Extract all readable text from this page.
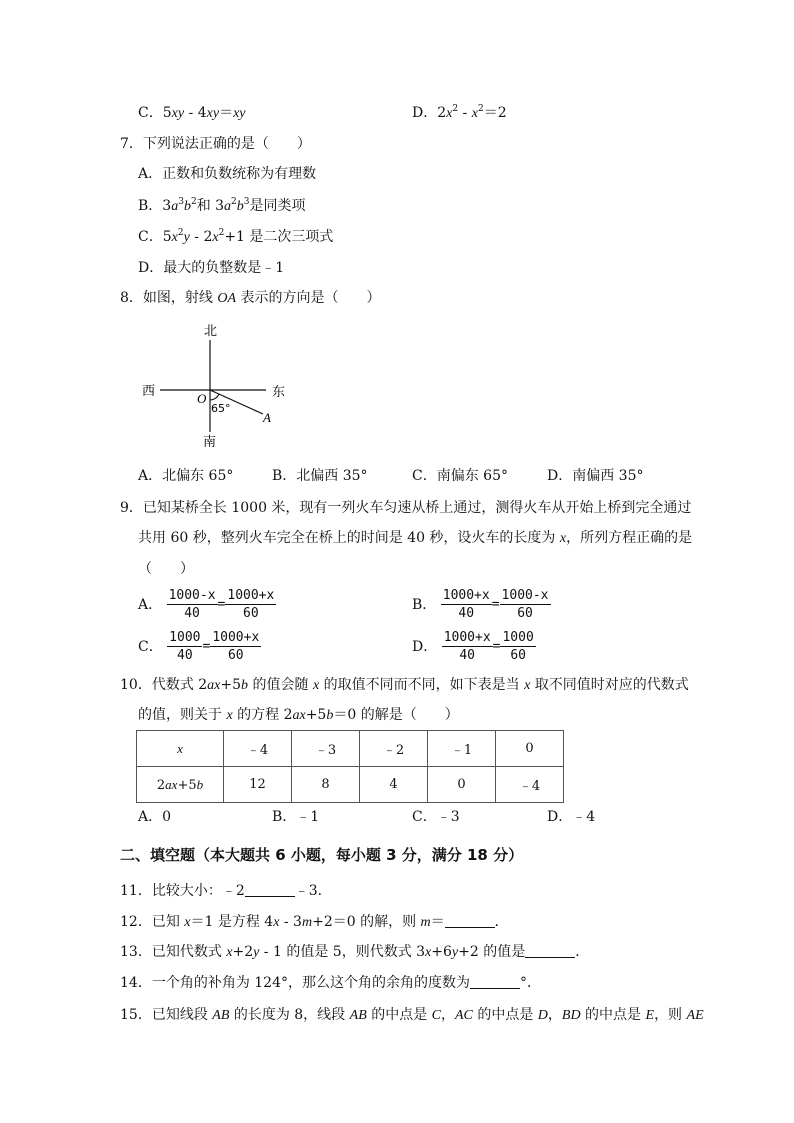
C．5xy - 4xy＝xy	D．$2x^2 - x^2=2$
7．下列说法正确的是（　　）
A．正数和负数统称为有理数
B．$3a^3b^2$和 $3a^2b^3$是同类项
C．$5x^2y - 2x^2+1$ 是二次三项式
D．最大的负整数是﹣1
8．如图，射线 OA 表示的方向是（　　）
北
南
西	东
O
A
65°
A．北偏东 65°	B．北偏西 35°	C．南偏东 65°	D．南偏西 35°
9．已知某桥全长 1000 米，现有一列火车匀速从桥上通过，测得火车从开始上桥到完全通过
共用 60 秒，整列火车完全在桥上的时间是 40 秒，设火车的长度为 x，所列方程正确的是
（　　）
A． $\frac{1000-x}{40} = \frac{1000+x}{60}$	B． $\frac{1000+x}{40} = \frac{1000-x}{60}$
C． $\frac{1000}{40} = \frac{1000+x}{60}$	D． $\frac{1000+x}{40} = \frac{1000}{60}$
10．代数式 2ax+5b 的值会随 x 的取值不同而不同，如下表是当 x 取不同值时对应的代数式
的值，则关于 x 的方程 2ax+5b＝0 的解是（　　）
x	﹣4	﹣3	﹣2	﹣1	0
2ax+5b	12	8	4	0	﹣4
A．0	B．﹣1	C．﹣3	D．﹣4
二、填空题（本大题共 6 小题，每小题 3 分，满分 18 分）
11．比较大小：﹣2	﹣3．
12．已知 x＝1 是方程 4x - 3m+2＝0 的解，则 m＝	．
13．已知代数式 x+2y - 1 的值是 5，则代数式 3x+6y+2 的值是	．
14．一个角的补角为 124°，那么这个角的余角的度数为	°．
15．已知线段 AB 的长度为 8，线段 AB 的中点是 C，AC 的中点是 D，BD 的中点是 E，则 AE
